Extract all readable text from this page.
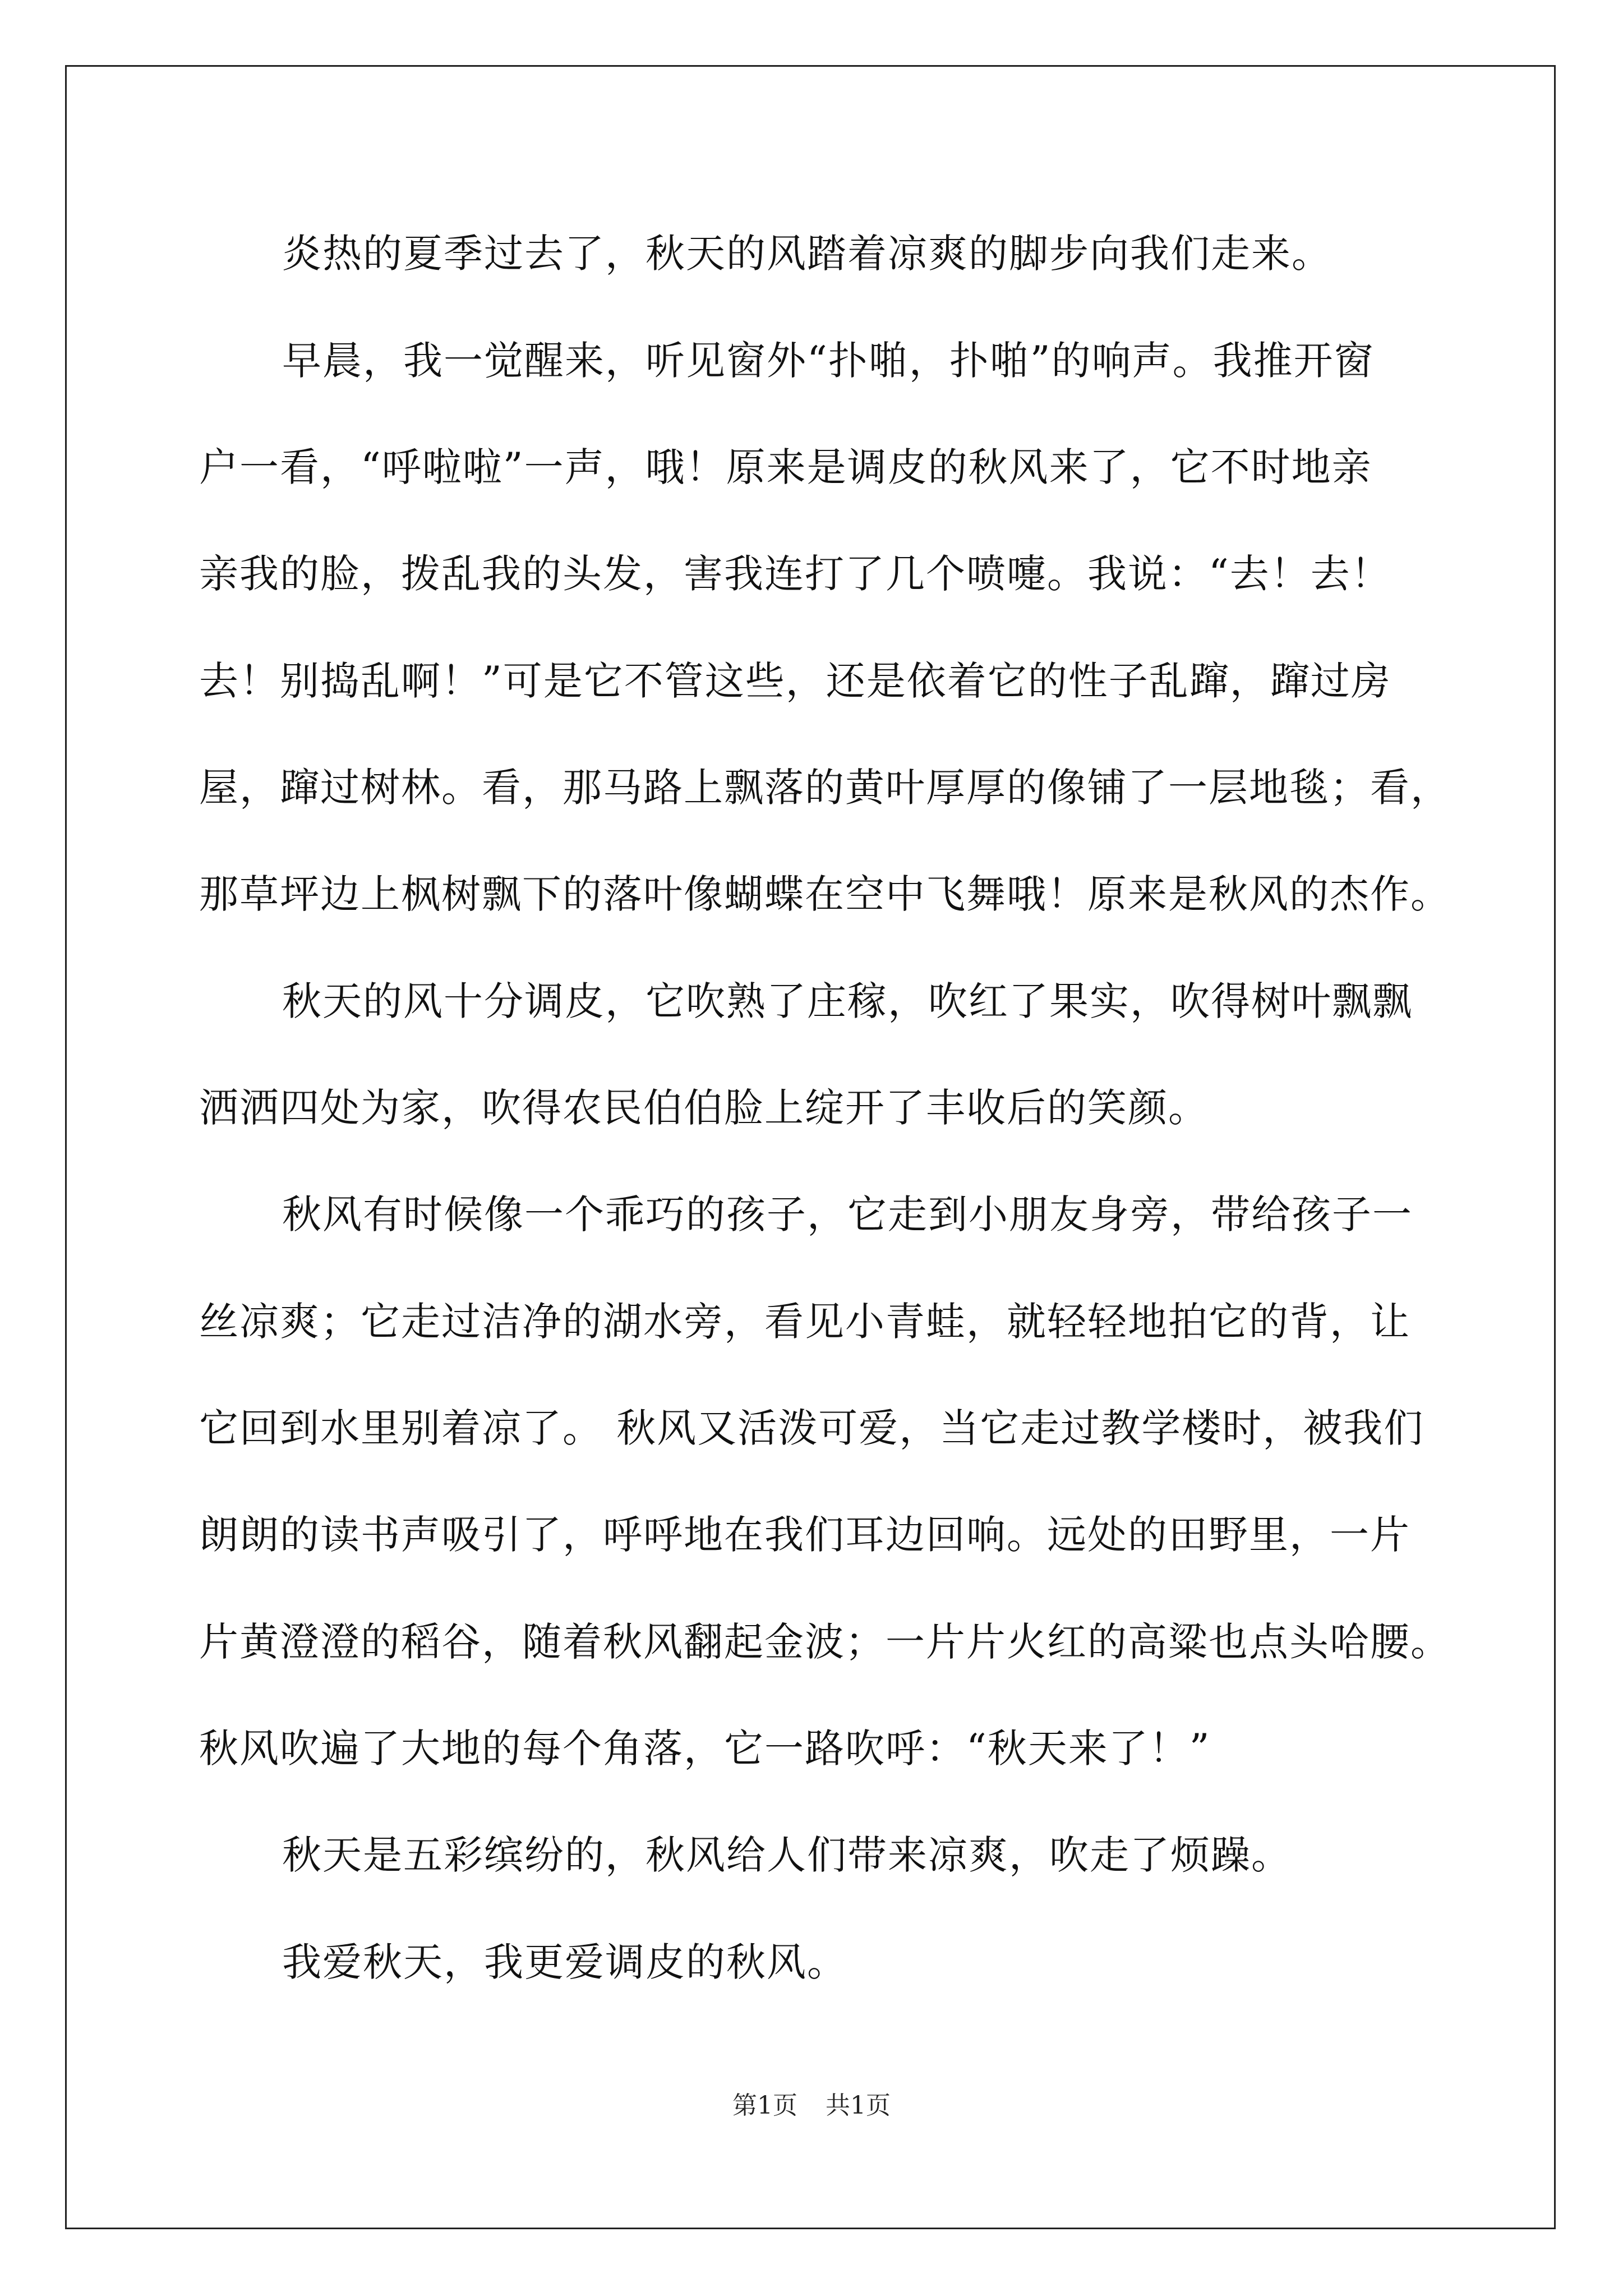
炎热的夏季过去了，秋天的风踏着凉爽的脚步向我们走来。
早晨，我一觉醒来，听见窗外“扑啪，扑啪”的响声。我推开窗
户一看，“呼啦啦”一声，哦！原来是调皮的秋风来了，它不时地亲
亲我的脸，拨乱我的头发，害我连打了几个喷嚏。我说：“去！去！
去！别捣乱啊！”可是它不管这些，还是依着它的性子乱蹿，蹿过房
屋，蹿过树林。看，那马路上飘落的黄叶厚厚的像铺了一层地毯；看，
那草坪边上枫树飘下的落叶像蝴蝶在空中飞舞哦！原来是秋风的杰作。
秋天的风十分调皮，它吹熟了庄稼，吹红了果实，吹得树叶飘飘
洒洒四处为家，吹得农民伯伯脸上绽开了丰收后的笑颜。
秋风有时候像一个乖巧的孩子，它走到小朋友身旁，带给孩子一
丝凉爽；它走过洁净的湖水旁，看见小青蛙，就轻轻地拍它的背，让
它回到水里别着凉了。 秋风又活泼可爱，当它走过教学楼时，被我们
朗朗的读书声吸引了，呼呼地在我们耳边回响。远处的田野里，一片
片黄澄澄的稻谷，随着秋风翻起金波；一片片火红的高粱也点头哈腰。
秋风吹遍了大地的每个角落，它一路吹呼：“秋天来了！”
秋天是五彩缤纷的，秋风给人们带来凉爽，吹走了烦躁。
我爱秋天，我更爱调皮的秋风。
第1页 共1页
